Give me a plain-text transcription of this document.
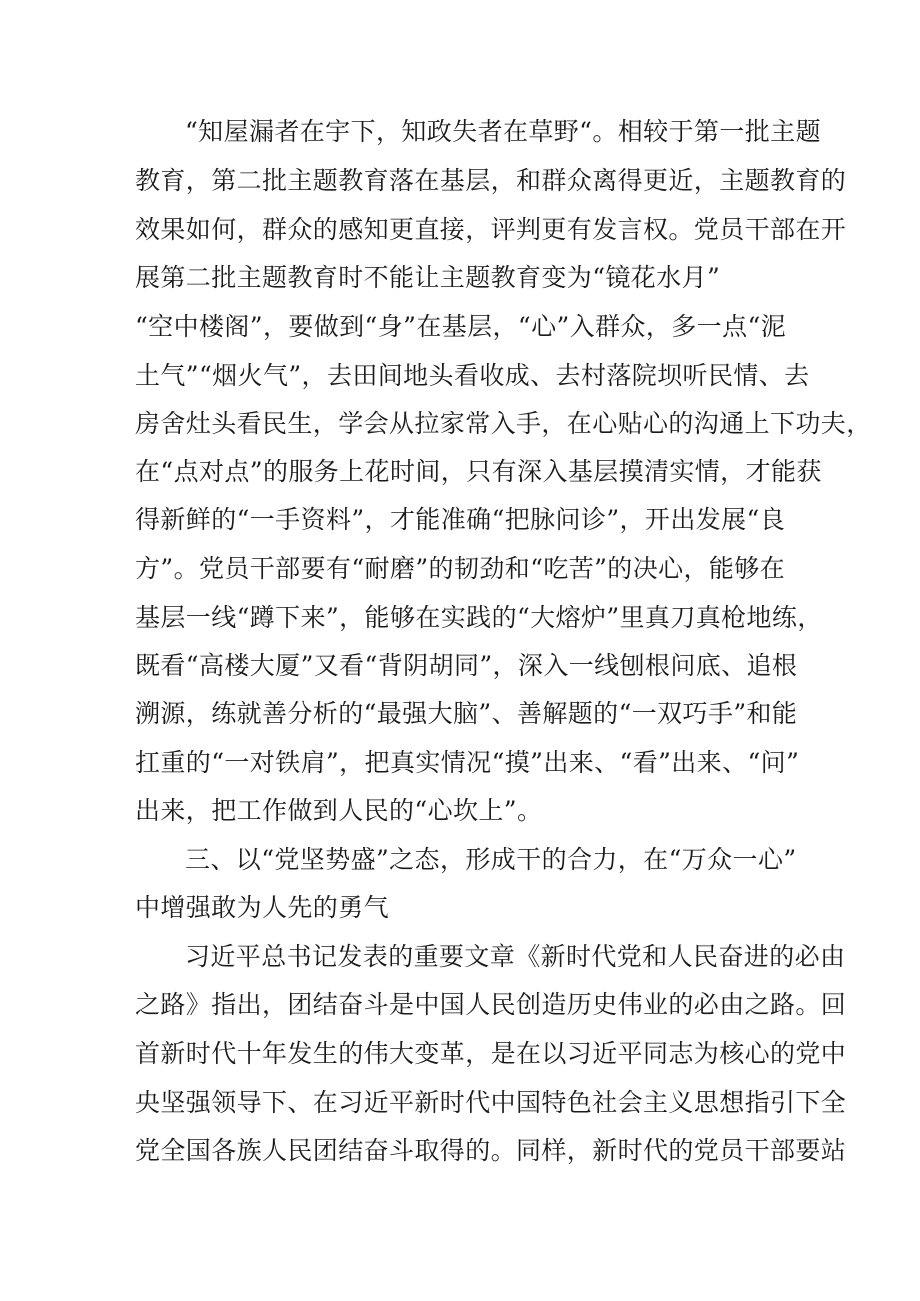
“知屋漏者在宇下，知政失者在草野“。相较于第一批主题
教育，第二批主题教育落在基层，和群众离得更近，主题教育的
效果如何，群众的感知更直接，评判更有发言权。党员干部在开
展第二批主题教育时不能让主题教育变为“镜花水月”
“空中楼阁”，要做到“身”在基层，“心”入群众，多一点“泥
土气”“烟火气”，去田间地头看收成、去村落院坝听民情、去
房舍灶头看民生，学会从拉家常入手，在心贴心的沟通上下功夫，
在“点对点”的服务上花时间，只有深入基层摸清实情，才能获
得新鲜的“一手资料”，才能准确“把脉问诊”，开出发展“良
方”。党员干部要有“耐磨”的韧劲和“吃苦”的决心，能够在
基层一线“蹲下来”，能够在实践的“大熔炉”里真刀真枪地练，
既看“高楼大厦”又看“背阴胡同”，深入一线刨根问底、追根
溯源，练就善分析的“最强大脑”、善解题的“一双巧手”和能
扛重的“一对铁肩”，把真实情况“摸”出来、“看”出来、“问”
出来，把工作做到人民的“心坎上”。
三、以“党坚势盛”之态，形成干的合力，在“万众一心”
中增强敢为人先的勇气
习近平总书记发表的重要文章《新时代党和人民奋进的必由
之路》指出，团结奋斗是中国人民创造历史伟业的必由之路。回
首新时代十年发生的伟大变革，是在以习近平同志为核心的党中
央坚强领导下、在习近平新时代中国特色社会主义思想指引下全
党全国各族人民团结奋斗取得的。同样，新时代的党员干部要站
